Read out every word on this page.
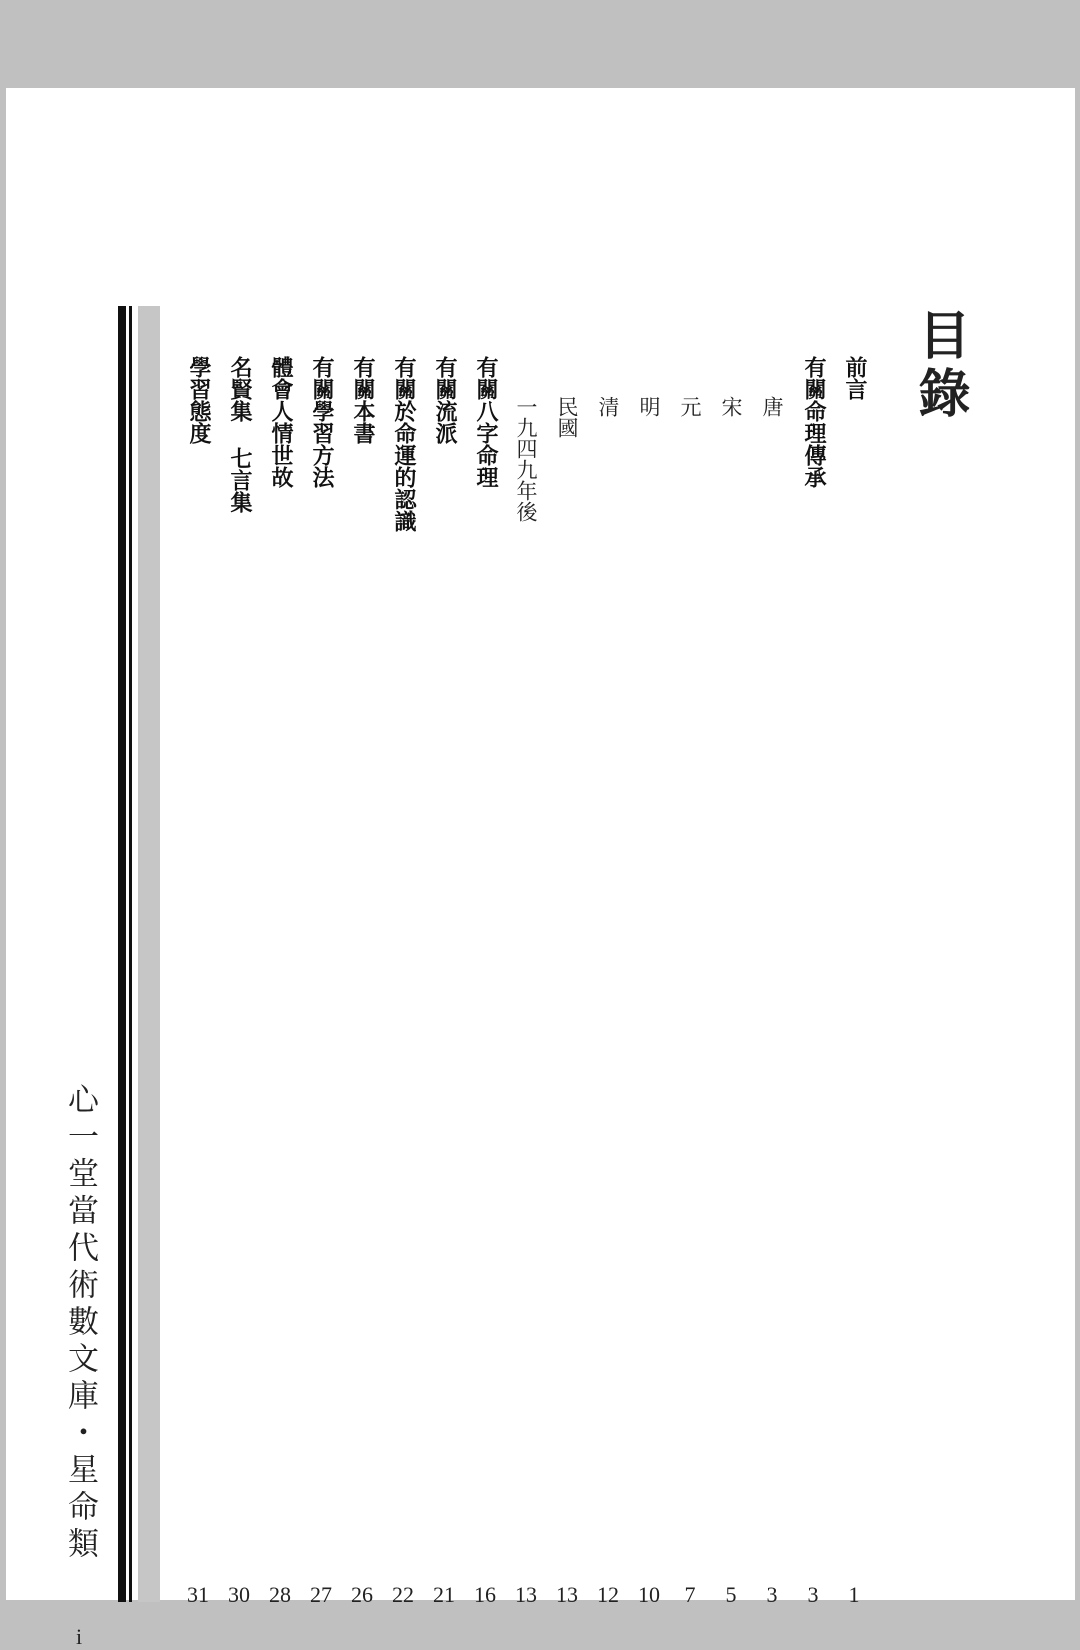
目錄
前言
有關命理傳承
唐
宋
元
明
清
民國
一九四九年後
有關八字命理
有關流派
有關於命運的認識
有關本書
有關學習方法
體會人情世故
名賢集 七言集
學習態度
1
3
3
5
7
10
12
13
13
16
21
22
26
27
28
30
31
心一堂當代術數文庫・星命類
i
